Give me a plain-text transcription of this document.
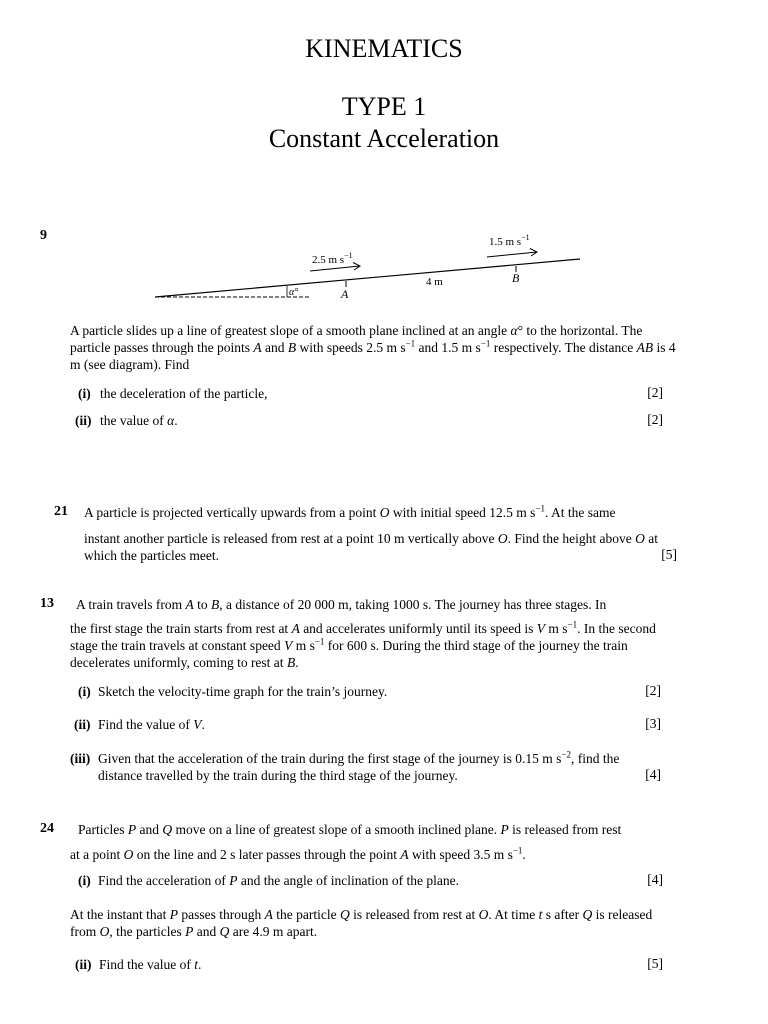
KINEMATICS
TYPE 1
Constant Acceleration
9
α°	A
B
4 m
2.5 m $s^{-1}$
1.5 m $s^{-1}$
A particle slides up a line of greatest slope of a smooth plane inclined at an angle α° to the horizontal. The particle passes through the points A and B with speeds 2.5 m $s^{-1}$ and 1.5 m $s^{-1}$ respectively. The distance AB is 4 m (see diagram). Find
(i) the deceleration of the particle,	[2]
(ii) the value of α.	[2]
21 A particle is projected vertically upwards from a point O with initial speed 12.5 m $s^{-1}$. At the same
instant another particle is released from rest at a point 10 m vertically above O. Find the height above O at which the particles meet.	[5]
13 A train travels from A to B, a distance of 20 000 m, taking 1000 s. The journey has three stages. In
the first stage the train starts from rest at A and accelerates uniformly until its speed is V m $s^{-1}$. In the second stage the train travels at constant speed V m $s^{-1}$ for 600 s. During the third stage of the journey the train decelerates uniformly, coming to rest at B.
(i) Sketch the velocity-time graph for the train’s journey.	[2]
(ii) Find the value of V.	[3]
(iii) Given that the acceleration of the train during the first stage of the journey is 0.15 m $s^{-2}$, find the
distance travelled by the train during the third stage of the journey.	[4]
24 Particles P and Q move on a line of greatest slope of a smooth inclined plane. P is released from rest
at a point O on the line and 2 s later passes through the point A with speed 3.5 m $s^{-1}$.
(i) Find the acceleration of P and the angle of inclination of the plane.	[4]
At the instant that P passes through A the particle Q is released from rest at O. At time t s after Q is released from O, the particles P and Q are 4.9 m apart.
(ii) Find the value of t.	[5]
